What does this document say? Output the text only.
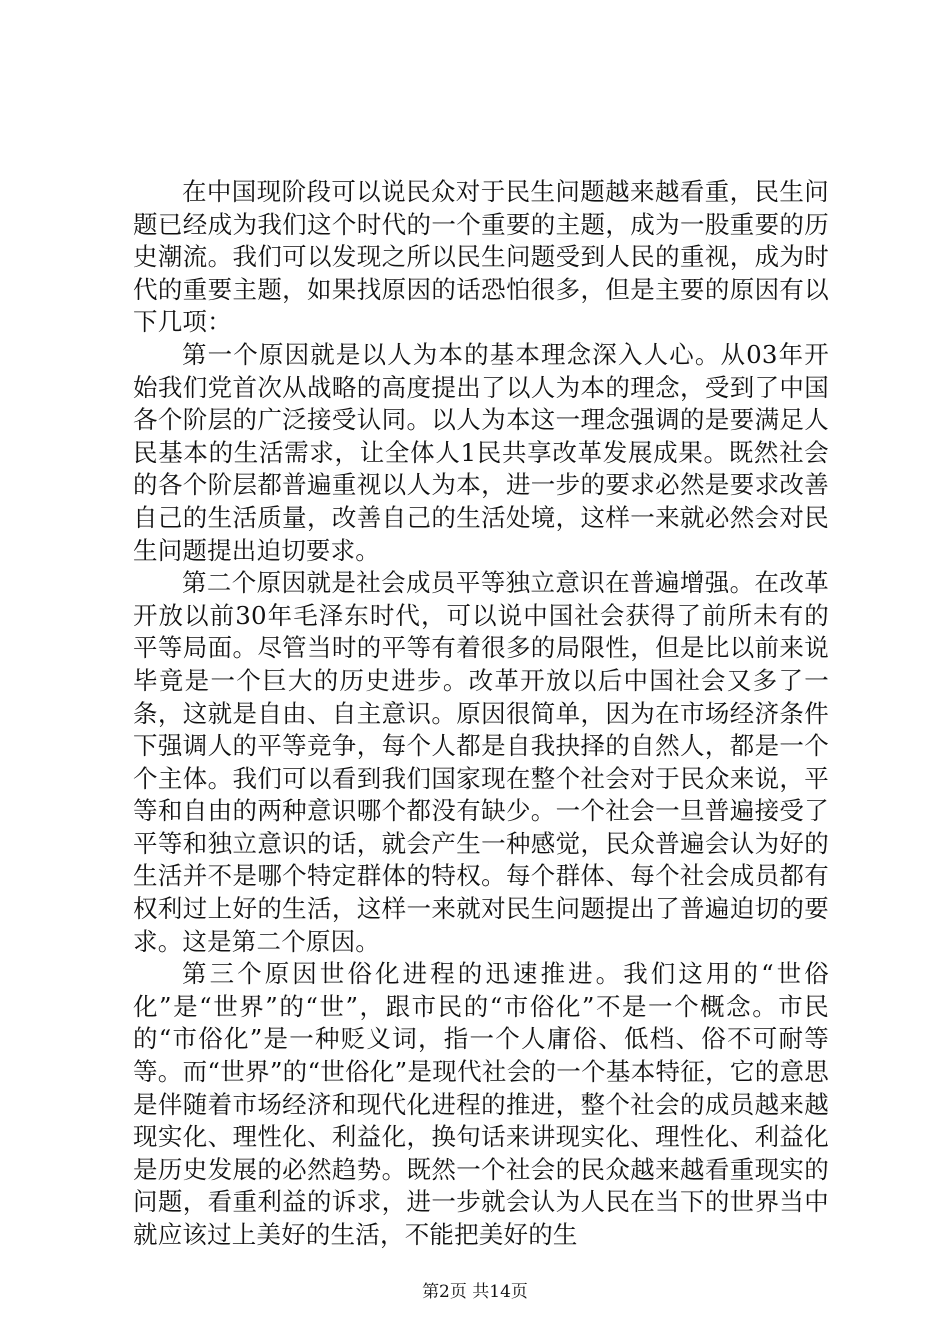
在中国现阶段可以说民众对于民生问题越来越看重，民生问题已经成为我们这个时代的一个重要的主题，成为一股重要的历史潮流。我们可以发现之所以民生问题受到人民的重视，成为时代的重要主题，如果找原因的话恐怕很多，但是主要的原因有以下几项：

第一个原因就是以人为本的基本理念深入人心。从03年开始我们党首次从战略的高度提出了以人为本的理念，受到了中国各个阶层的广泛接受认同。以人为本这一理念强调的是要满足人民基本的生活需求，让全体人1民共享改革发展成果。既然社会的各个阶层都普遍重视以人为本，进一步的要求必然是要求改善自己的生活质量，改善自己的生活处境，这样一来就必然会对民生问题提出迫切要求。

第二个原因就是社会成员平等独立意识在普遍增强。在改革开放以前30年毛泽东时代，可以说中国社会获得了前所未有的平等局面。尽管当时的平等有着很多的局限性，但是比以前来说毕竟是一个巨大的历史进步。改革开放以后中国社会又多了一条，这就是自由、自主意识。原因很简单，因为在市场经济条件下强调人的平等竞争，每个人都是自我抉择的自然人，都是一个个主体。我们可以看到我们国家现在整个社会对于民众来说，平等和自由的两种意识哪个都没有缺少。一个社会一旦普遍接受了平等和独立意识的话，就会产生一种感觉，民众普遍会认为好的生活并不是哪个特定群体的特权。每个群体、每个社会成员都有权利过上好的生活，这样一来就对民生问题提出了普遍迫切的要求。这是第二个原因。

第三个原因世俗化进程的迅速推进。我们这用的“世俗化”是“世界”的“世”，跟市民的“市俗化”不是一个概念。市民的“市俗化”是一种贬义词，指一个人庸俗、低档、俗不可耐等等。而“世界”的“世俗化”是现代社会的一个基本特征，它的意思是伴随着市场经济和现代化进程的推进，整个社会的成员越来越现实化、理性化、利益化，换句话来讲现实化、理性化、利益化是历史发展的必然趋势。既然一个社会的民众越来越看重现实的问题，看重利益的诉求，进一步就会认为人民在当下的世界当中就应该过上美好的生活，不能把美好的生

第2页 共14页
